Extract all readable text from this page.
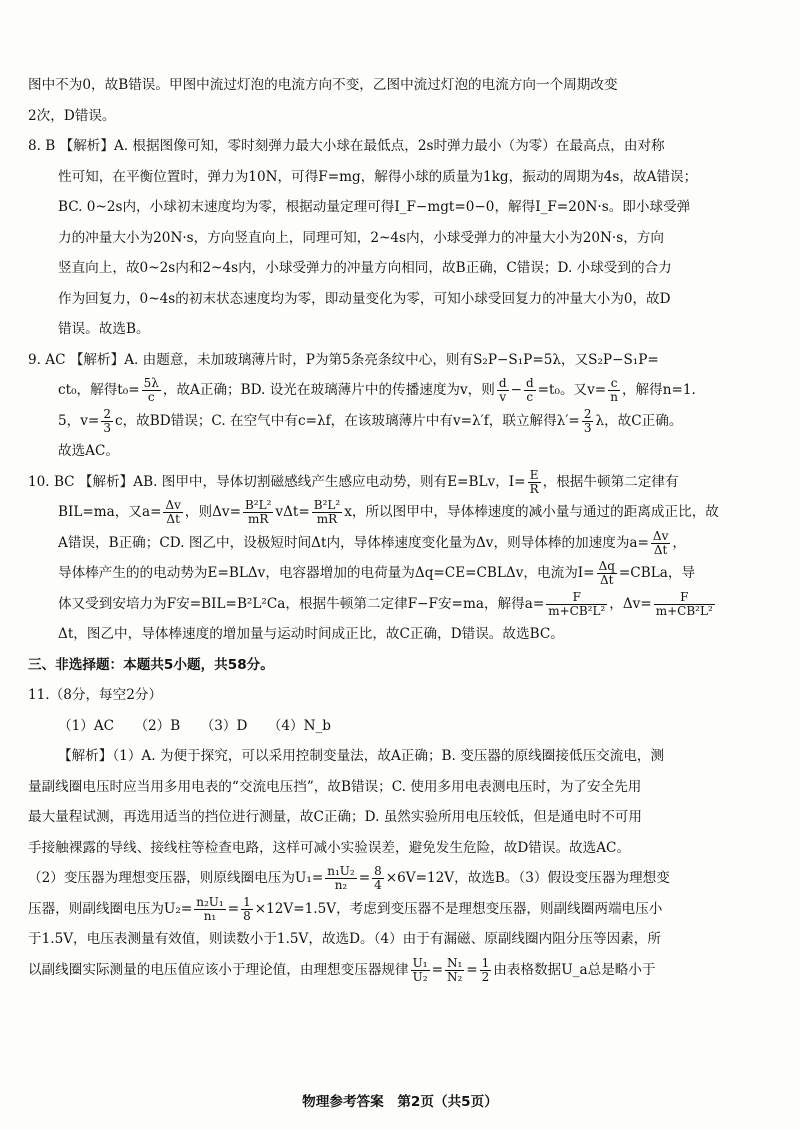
图中不为0，故B错误。甲图中流过灯泡的电流方向不变，乙图中流过灯泡的电流方向一个周期改变

2次，D错误。

8. B 【解析】A. 根据图像可知，零时刻弹力最大小球在最低点，2s时弹力最小（为零）在最高点，由对称

性可知，在平衡位置时，弹力为10N，可得F=mg，解得小球的质量为1kg，振动的周期为4s，故A错误；

BC. 0~2s内，小球初末速度均为零，根据动量定理可得I_F−mgt=0−0，解得I_F=20N·s。即小球受弹

力的冲量大小为20N·s，方向竖直向上，同理可知，2~4s内，小球受弹力的冲量大小为20N·s，方向

竖直向上，故0~2s内和2~4s内，小球受弹力的冲量方向相同，故B正确，C错误；D. 小球受到的合力

作为回复力，0~4s的初末状态速度均为零，即动量变化为零，可知小球受回复力的冲量大小为0，故D

错误。故选B。

9. AC 【解析】A. 由题意，未加玻璃薄片时，P为第5条亮条纹中心，则有S₂P−S₁P=5λ，又S₂P−S₁P=

ct₀，解得$t_0= \frac{5\lambda}{c}$ ，故A正确；BD. 设光在玻璃薄片中的传播速度为v，则 $\frac{d}{v} - \frac{d}{c} =t_0$。又$v= \frac{c}{n}$ ，解得n=1.

5，$v= \frac{2}{3}$ c，故BD错误；C. 在空气中有c=λf，在该玻璃薄片中有v=λ′f，联立解得$\lambda'= \frac{2}{3}$ λ，故C正确。

故选AC。

10. BC 【解析】AB. 图甲中，导体切割磁感线产生感应电动势，则有E=BLv，$I= \frac{E}{R}$ ，根据牛顿第二定律有

BIL=ma，又$a= \frac{\Delta v}{\Delta t}$ ，则$\Delta v= \frac{\text{B²L²}}{mR} v\Delta t= \frac{\text{B²L²}}{mR}$ x，所以图甲中，导体棒速度的减小量与通过的距离成正比，故

A错误，B正确；CD. 图乙中，设极短时间Δt内，导体棒速度变化量为Δv，则导体棒的加速度为$a= \frac{\Delta v}{\Delta t}$ ，

导体棒产生的的电动势为E=BLΔv，电容器增加的电荷量为Δq=CE=CBLΔv，电流为$I= \frac{\Delta q}{\Delta t}$ =CBLa，导

体又受到安培力为F安=BIL=B²L²Ca，根据牛顿第二定律F−F安=ma，解得$a= \frac{F}{\text{m+CB²L²}}$ ，$\Delta v= \frac{F}{\text{m+CB²L²}}$

Δt，图乙中，导体棒速度的增加量与运动时间成正比，故C正确，D错误。故选BC。

三、非选择题：本题共5小题，共58分。

11.（8分，每空2分）

（1）AC　　（2）B　　（3）D　　（4）N_b

【解析】（1）A. 为便于探究，可以采用控制变量法，故A正确；B. 变压器的原线圈接低压交流电，测

量副线圈电压时应当用多用电表的“交流电压挡”，故B错误；C. 使用多用电表测电压时，为了安全先用

最大量程试测，再选用适当的挡位进行测量，故C正确；D. 虽然实验所用电压较低，但是通电时不可用

手接触裸露的导线、接线柱等检查电路，这样可减小实验误差，避免发生危险，故D错误。故选AC。

（2）变压器为理想变压器，则原线圈电压为$U_1= \frac{\text{n₁U₂}}{\text{n₂}} = \frac{8}{4} \times 6V=12V$，故选B。（3）假设变压器为理想变

压器，则副线圈电压为$U_2= \frac{\text{n₂U₁}}{\text{n₁}} = \frac{1}{8} \times 12V=1.5V$，考虑到变压器不是理想变压器，则副线圈两端电压小

于1.5V，电压表测量有效值，则读数小于1.5V，故选D。（4）由于有漏磁、原副线圈内阻分压等因素，所

以副线圈实际测量的电压值应该小于理论值，由理想变压器规律 $\frac{\text{U₁}}{\text{U₂}} = \frac{\text{N₁}}{\text{N₂}} = \frac{1}{2}$ 由表格数据U_a总是略小于

物理参考答案　第2页（共5页）
